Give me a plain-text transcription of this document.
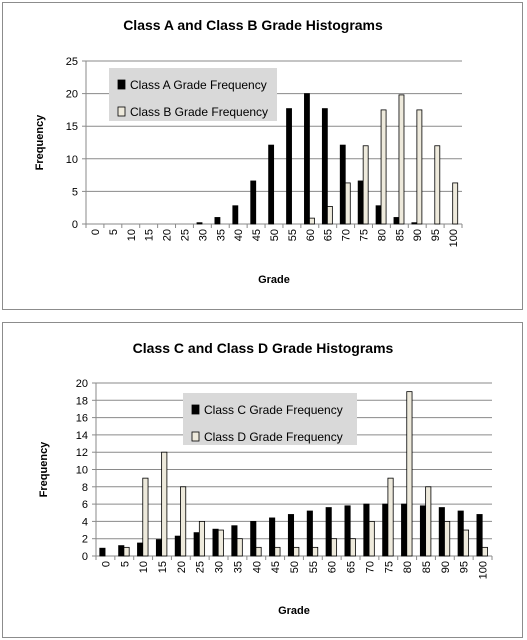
Class A and Class B Grade Histograms
Frequency
Grade
0
5
10
15
20
25
0 5 10 15 20 25 30 35 40 45 50 55 60 65 70 75 80 85 90 95 100
Class A Grade Frequency
Class B Grade Frequency
Class C and Class D Grade Histograms
Frequency
Grade
0
2
4
6
8
10
12
14
16
18
20
0 5 10 15 20 25 30 35 40 45 50 55 60 65 70 75 80 85 90 95 100
Class C Grade Frequency
Class D Grade Frequency
